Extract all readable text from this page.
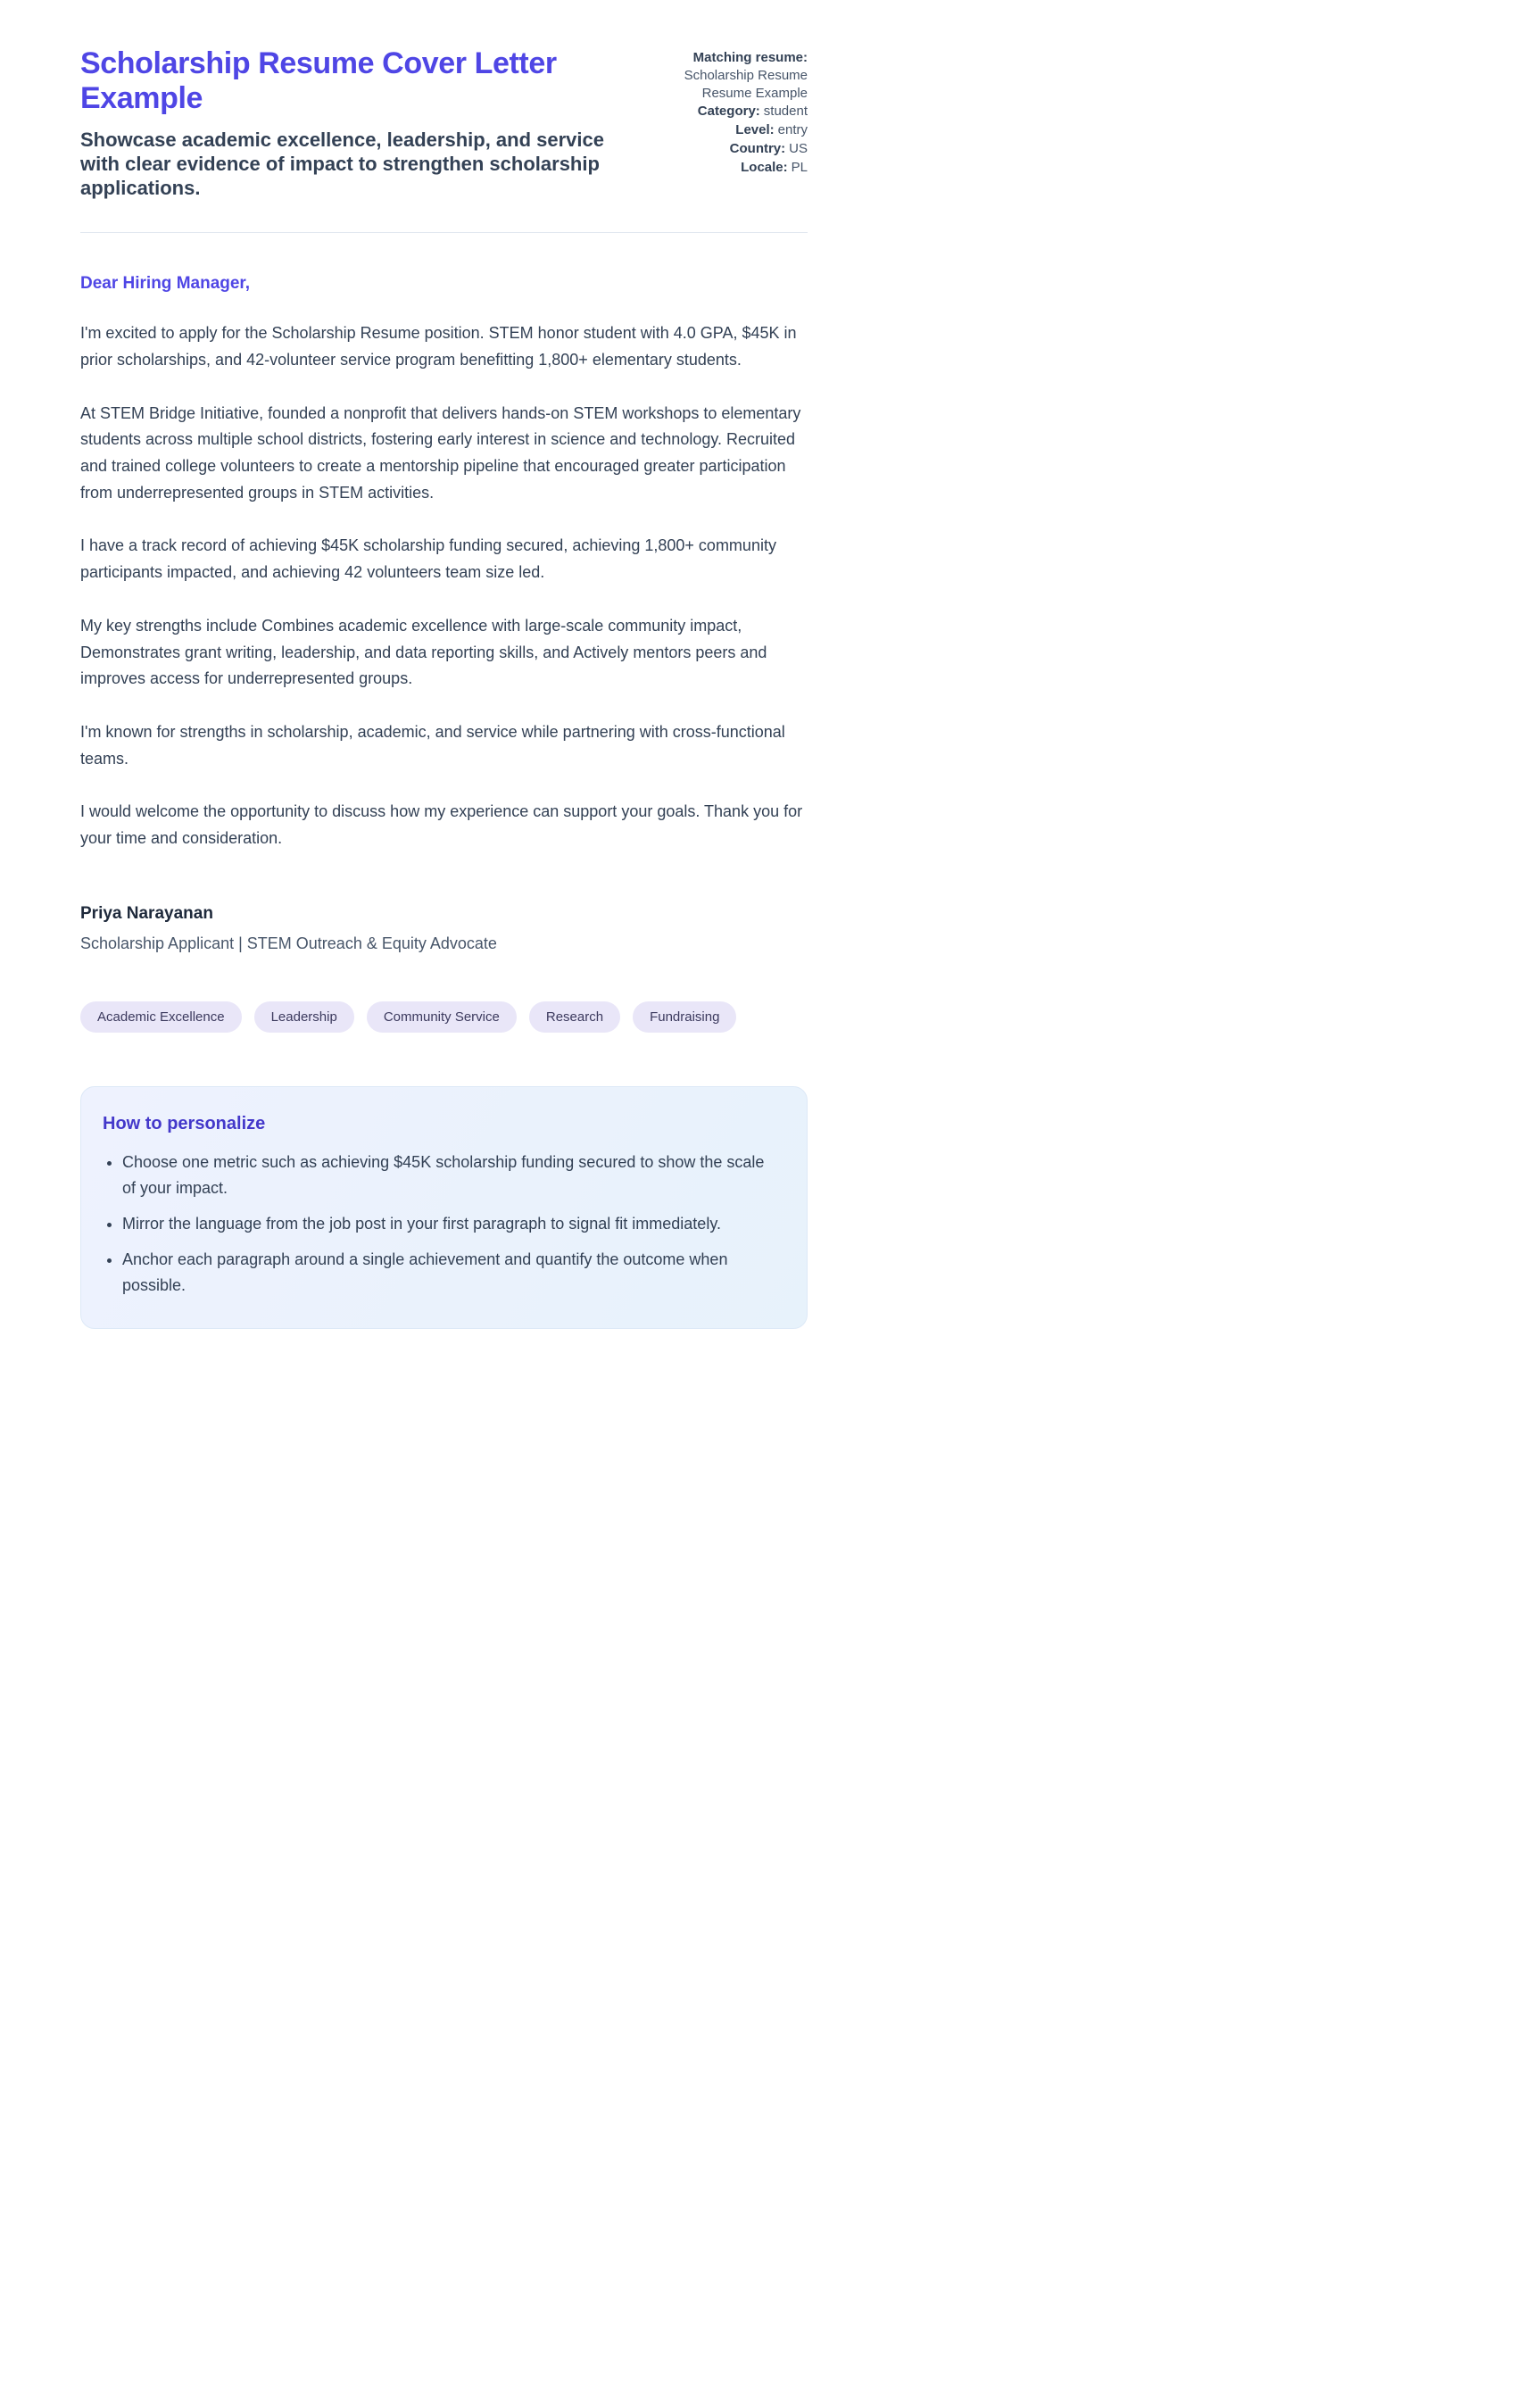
Scholarship Resume Cover Letter Example
Showcase academic excellence, leadership, and service with clear evidence of impact to strengthen scholarship applications.
Matching resume:
Scholarship Resume Resume Example
Category: student
Level: entry
Country: US
Locale: PL
Dear Hiring Manager,

I'm excited to apply for the Scholarship Resume position. STEM honor student with 4.0 GPA, $45K in prior scholarships, and 42-volunteer service program benefitting 1,800+ elementary students.

At STEM Bridge Initiative, founded a nonprofit that delivers hands-on STEM workshops to elementary students across multiple school districts, fostering early interest in science and technology. Recruited and trained college volunteers to create a mentorship pipeline that encouraged greater participation from underrepresented groups in STEM activities.

I have a track record of achieving $45K scholarship funding secured, achieving 1,800+ community participants impacted, and achieving 42 volunteers team size led.

My key strengths include Combines academic excellence with large-scale community impact, Demonstrates grant writing, leadership, and data reporting skills, and Actively mentors peers and improves access for underrepresented groups.

I'm known for strengths in scholarship, academic, and service while partnering with cross-functional teams.

I would welcome the opportunity to discuss how my experience can support your goals. Thank you for your time and consideration.

Priya Narayanan
Scholarship Applicant | STEM Outreach & Equity Advocate
Academic Excellence	Leadership	Community Service	Research	Fundraising
How to personalize
• Choose one metric such as achieving $45K scholarship funding secured to show the scale of your impact.
• Mirror the language from the job post in your first paragraph to signal fit immediately.
• Anchor each paragraph around a single achievement and quantify the outcome when possible.
